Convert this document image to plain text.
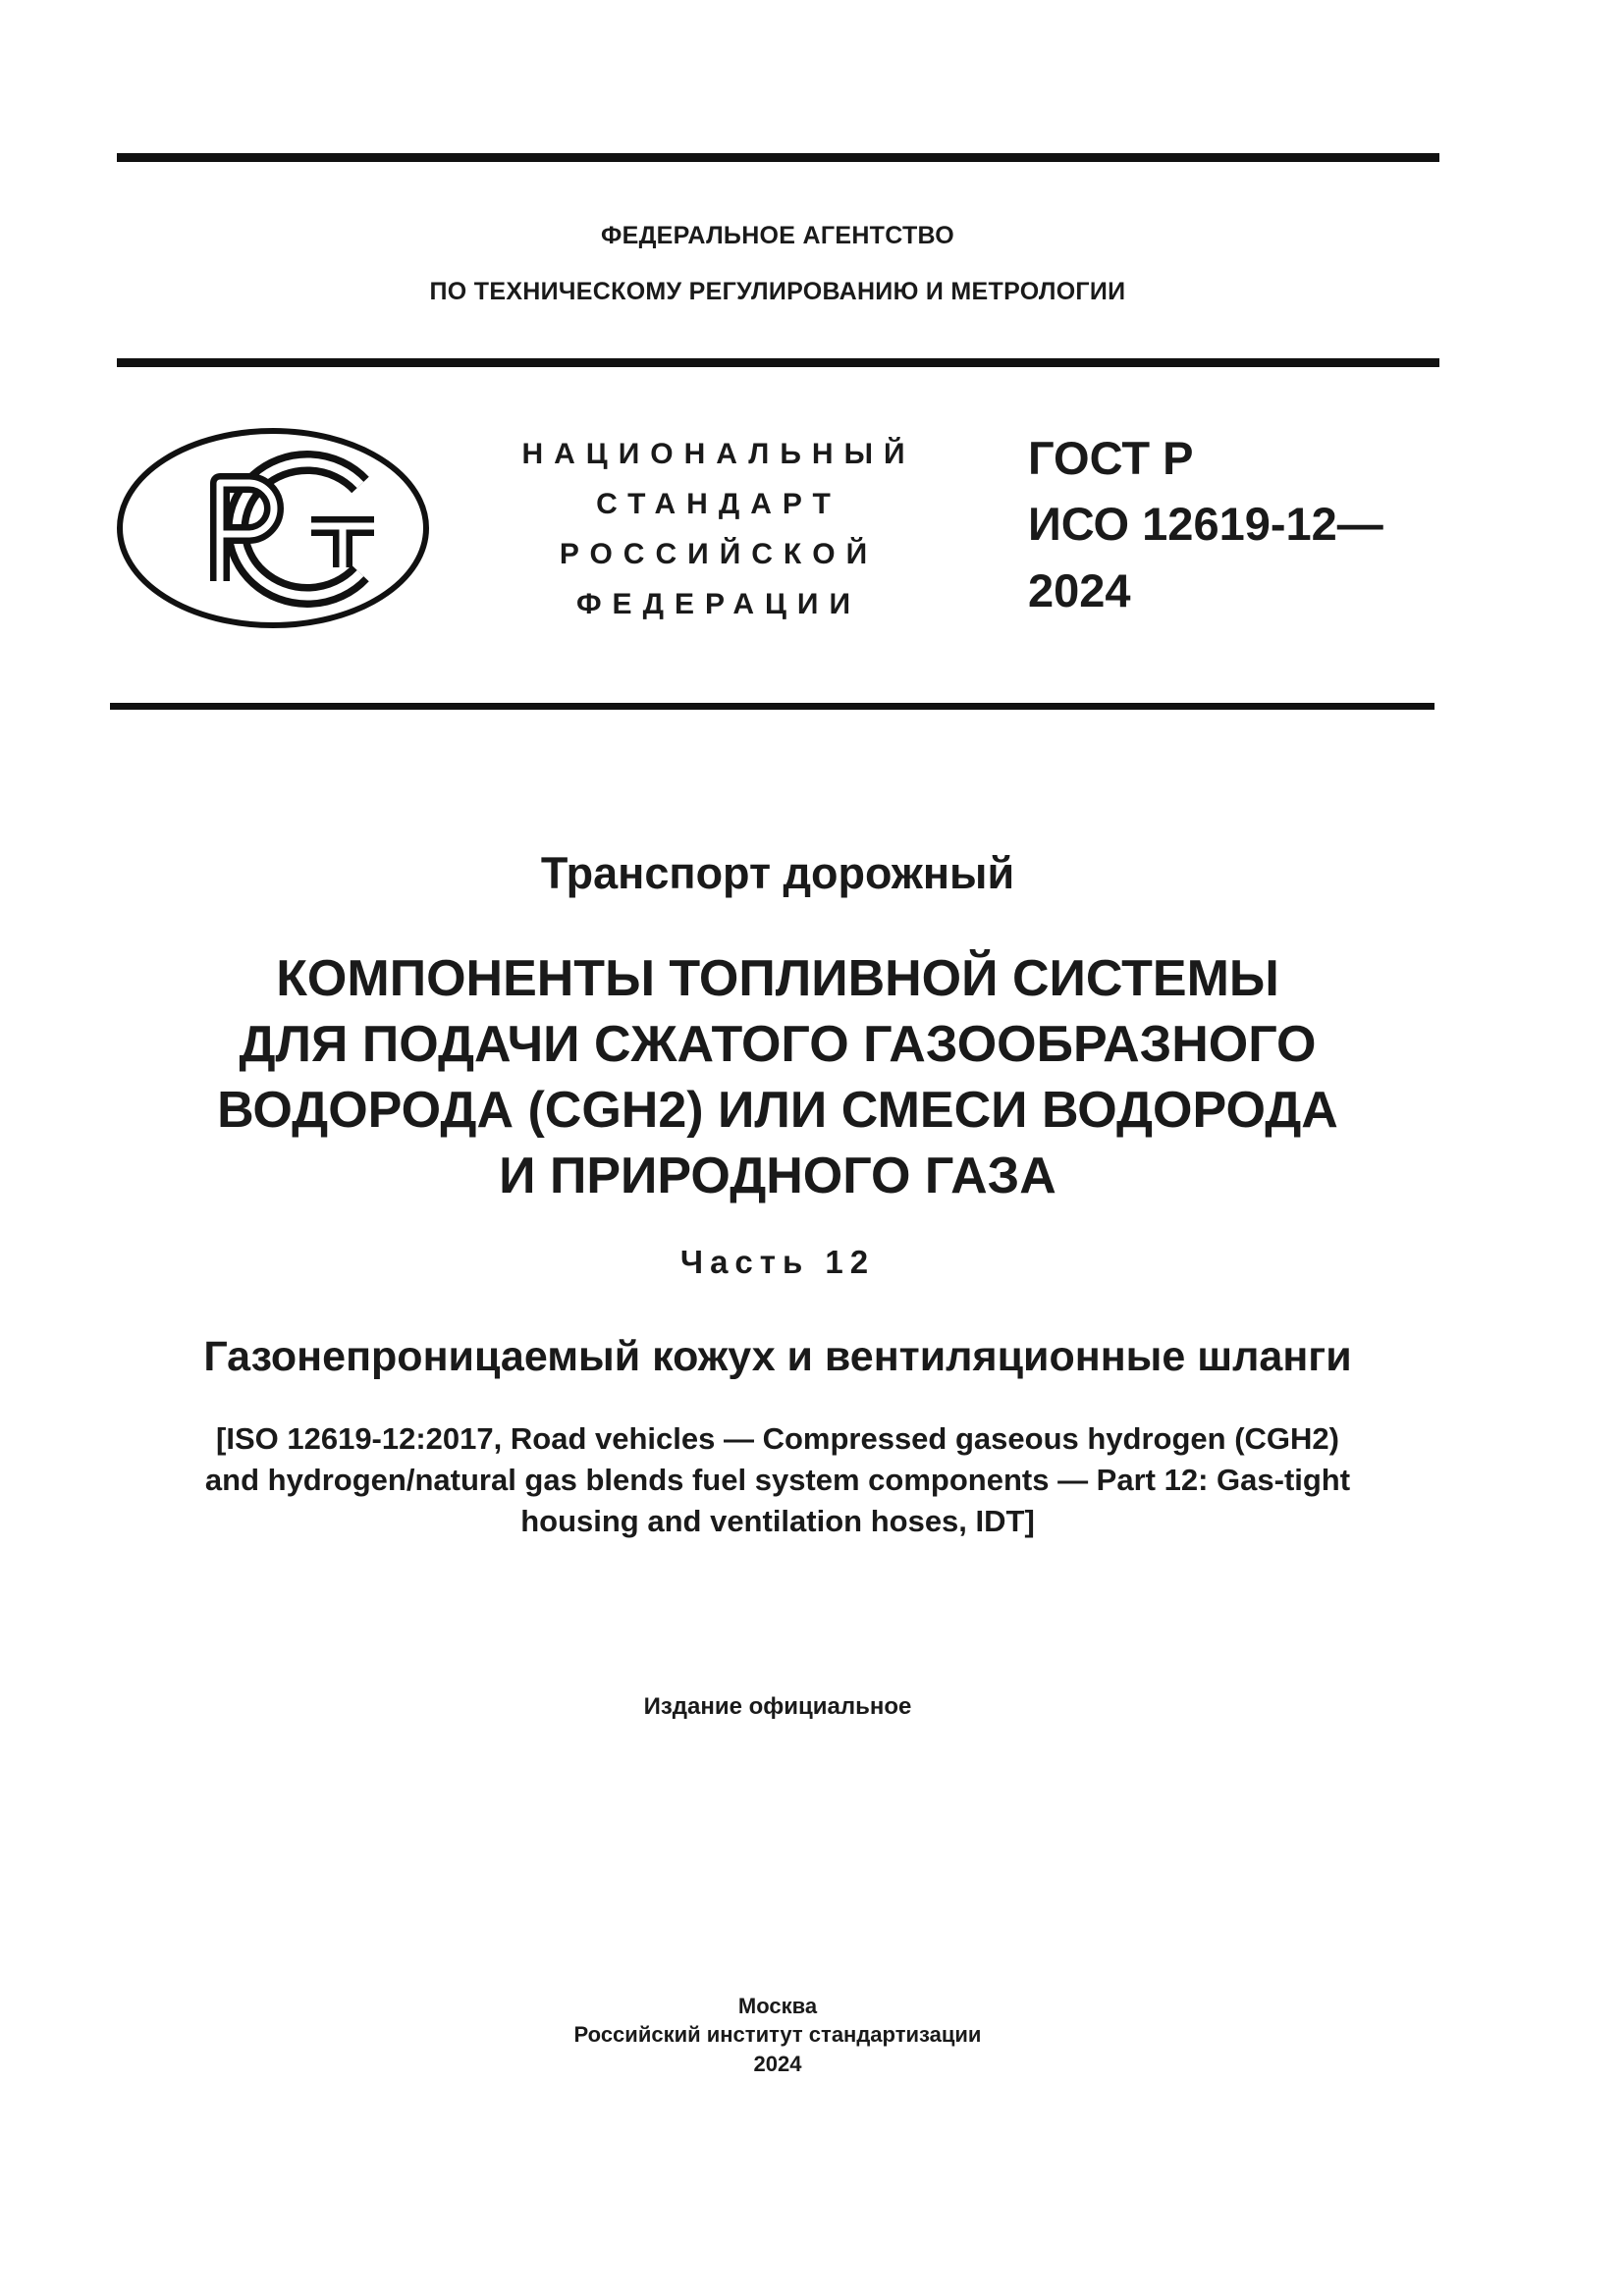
ФЕДЕРАЛЬНОЕ АГЕНТСТВО
ПО ТЕХНИЧЕСКОМУ РЕГУЛИРОВАНИЮ И МЕТРОЛОГИИ
НАЦИОНАЛЬНЫЙ
СТАНДАРТ
РОССИЙСКОЙ
ФЕДЕРАЦИИ
ГОСТ Р
ИСО 12619-12—
2024
Транспорт дорожный
КОМПОНЕНТЫ ТОПЛИВНОЙ СИСТЕМЫ
ДЛЯ ПОДАЧИ СЖАТОГО ГАЗООБРАЗНОГО
ВОДОРОДА (CGH2) ИЛИ СМЕСИ ВОДОРОДА
И ПРИРОДНОГО ГАЗА
Часть 12
Газонепроницаемый кожух и вентиляционные шланги
[ISO 12619-12:2017, Road vehicles — Compressed gaseous hydrogen (CGH2)
and hydrogen/natural gas blends fuel system components — Part 12: Gas-tight
housing and ventilation hoses, IDT]
Издание официальное
Москва
Российский институт стандартизации
2024
